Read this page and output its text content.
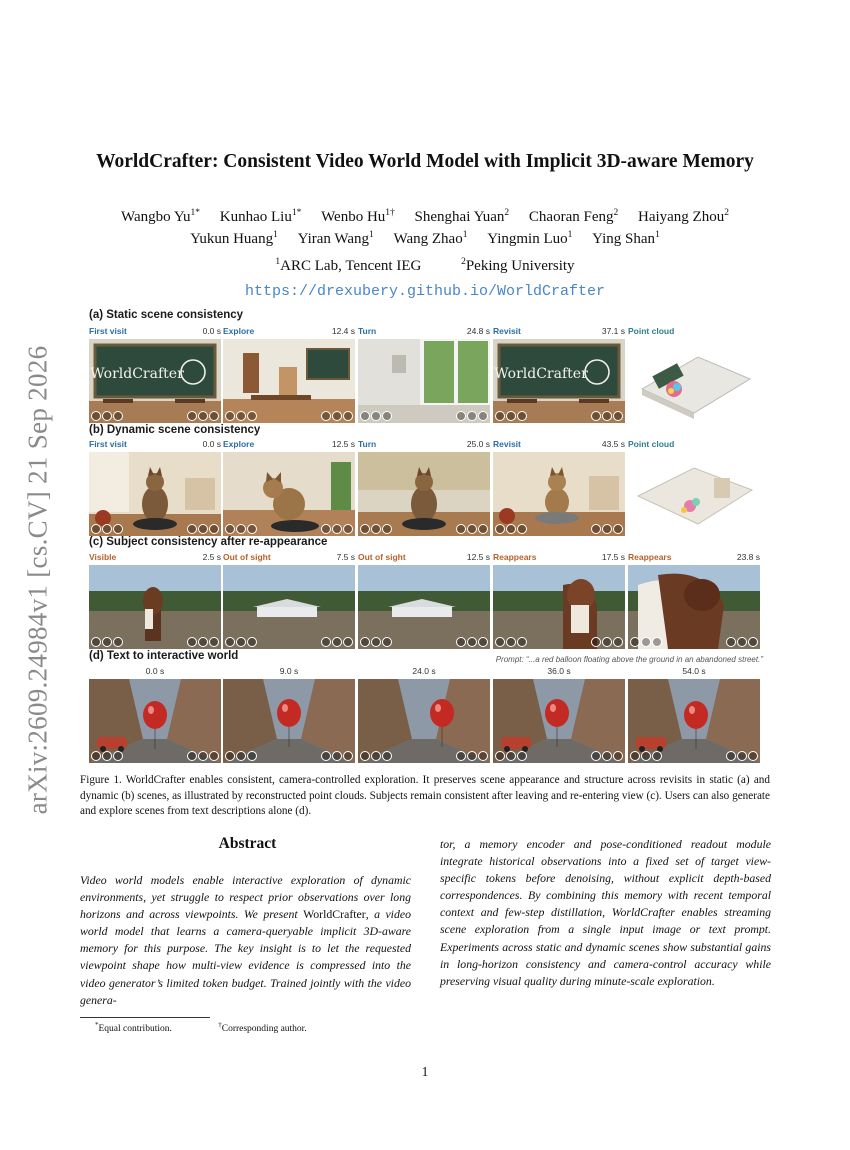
arXiv:2609.24984v1 [cs.CV] 21 Sep 2026
WorldCrafter: Consistent Video World Model with Implicit 3D-aware Memory
Wangbo $Yu^{1*}$ Kunhao Liu$^{1*}$ Wenbo $Hu^{1\dagger}$ Shenghai Yuan$^2$ Chaoran Feng$^2$ Haiyang Zhou$^2$
Yukun Huang$^1$ Yiran Wang$^1$ Wang Zhao$^1$ Yingmin Luo$^1$ Ying Shan$^1$
$^1$ARC Lab, Tencent IEG	$^2$Peking University
https://drexubery.github.io/WorldCrafter
(a) Static scene consistency
(b) Dynamic scene consistency
(c) Subject consistency after re-appearance
(d) Text to interactive world	Prompt: “...a red balloon floating above the ground in an abandoned street.”
First visit	0.0 s
WorldCrafter
Explore	12.4 s Turn	24.8 s Revisit	37.1 s
WorldCrafter
Point cloud
First visit	0.0 s Explore	12.5 s Turn	25.0 s Revisit	43.5 s Point cloud
Visible	2.5 s Out of sight	7.5 s Out of sight	12.5 s Reappears	17.5 s Reappears	23.8 s
0.0 s	9.0 s	24.0 s	36.0 s	54.0 s
Figure 1. WorldCrafter enables consistent, camera-controlled exploration. It preserves scene appearance and structure across revisits in static (a) and dynamic (b) scenes, as illustrated by reconstructed point clouds. Subjects remain consistent after leaving and re-entering view (c). Users can also generate and explore scenes from text descriptions alone (d).
Abstract
Video world models enable interactive exploration of dynamic environments, yet struggle to respect prior observations over long horizons and across viewpoints. We present WorldCrafter, a video world model that learns a camera-queryable implicit 3D-aware memory for this purpose. The key insight is to let the requested viewpoint shape how multi-view evidence is compressed into the video generator’s limited token budget. Trained jointly with the video genera-
tor, a memory encoder and pose-conditioned readout module integrate historical observations into a fixed set of target view-specific tokens before denoising, without explicit depth-based correspondences. By combining this memory with recent temporal context and few-step distillation, WorldCrafter enables streaming scene exploration from a single input image or text prompt. Experiments across static and dynamic scenes show substantial gains in long-horizon consistency and camera-control accuracy while preserving visual quality during minute-scale exploration.
*Equal contribution.	†Corresponding author.
1
